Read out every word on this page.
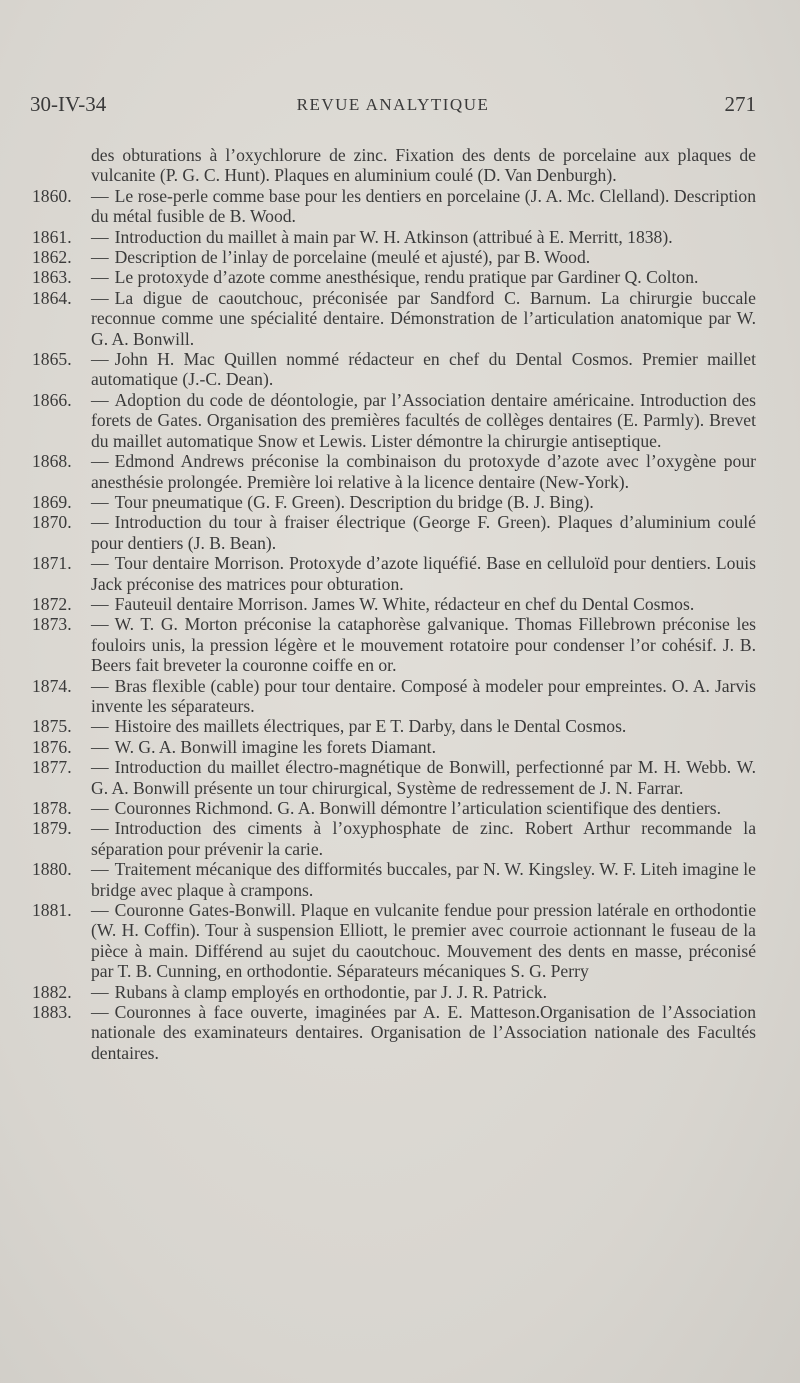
30-IV-34	REVUE ANALYTIQUE	271
des obturations à l’oxychlorure de zinc. Fixation des dents de porcelaine aux plaques de vulcanite (P. G. C. Hunt). Plaques en aluminium coulé (D. Van Denburgh).
1860.	— Le rose-perle comme base pour les dentiers en porcelaine (J. A. Mc. Clelland). Description du métal fusible de B. Wood.
1861.	— Introduction du maillet à main par W. H. Atkinson (attribué à E. Merritt, 1838).
1862.	— Description de l’inlay de porcelaine (meulé et ajusté), par B. Wood.
1863.	— Le protoxyde d’azote comme anesthésique, rendu pratique par Gardiner Q. Colton.
1864.	— La digue de caoutchouc, préconisée par Sandford C. Barnum. La chirurgie buccale reconnue comme une spécialité dentaire. Démonstration de l’articulation anatomique par W. G. A. Bonwill.
1865.	— John H. Mac Quillen nommé rédacteur en chef du Dental Cosmos. Premier maillet automatique (J.-C. Dean).
1866.	— Adoption du code de déontologie, par l’Association dentaire américaine. Introduction des forets de Gates. Organisation des premières facultés de collèges dentaires (E. Parmly). Brevet du maillet automatique Snow et Lewis. Lister démontre la chirurgie antiseptique.
1868.	— Edmond Andrews préconise la combinaison du protoxyde d’azote avec l’oxygène pour anesthésie prolongée. Première loi relative à la licence dentaire (New-York).
1869.	— Tour pneumatique (G. F. Green). Description du bridge (B. J. Bing).
1870.	— Introduction du tour à fraiser électrique (George F. Green). Plaques d’aluminium coulé pour dentiers (J. B. Bean).
1871.	— Tour dentaire Morrison. Protoxyde d’azote liquéfié. Base en celluloïd pour dentiers. Louis Jack préconise des matrices pour obturation.
1872.	— Fauteuil dentaire Morrison. James W. White, rédacteur en chef du Dental Cosmos.
1873.	— W. T. G. Morton préconise la cataphorèse galvanique. Thomas Fillebrown préconise les fouloirs unis, la pression légère et le mouvement rotatoire pour condenser l’or cohésif. J. B. Beers fait breveter la couronne coiffe en or.
1874.	— Bras flexible (cable) pour tour dentaire. Composé à modeler pour empreintes. O. A. Jarvis invente les séparateurs.
1875.	— Histoire des maillets électriques, par E T. Darby, dans le Dental Cosmos.
1876.	— W. G. A. Bonwill imagine les forets Diamant.
1877.	— Introduction du maillet électro-magnétique de Bonwill, perfectionné par M. H. Webb. W. G. A. Bonwill présente un tour chirurgical, Système de redressement de J. N. Farrar.
1878.	— Couronnes Richmond. G. A. Bonwill démontre l’articulation scientifique des dentiers.
1879.	— Introduction des ciments à l’oxyphosphate de zinc. Robert Arthur recommande la séparation pour prévenir la carie.
1880.	— Traitement mécanique des difformités buccales, par N. W. Kingsley. W. F. Liteh imagine le bridge avec plaque à crampons.
1881.	— Couronne Gates-Bonwill. Plaque en vulcanite fendue pour pression latérale en orthodontie (W. H. Coffin). Tour à suspension Elliott, le premier avec courroie actionnant le fuseau de la pièce à main. Différend au sujet du caoutchouc. Mouvement des dents en masse, préconisé par T. B. Cunning, en orthodontie. Séparateurs mécaniques S. G. Perry
1882.	— Rubans à clamp employés en orthodontie, par J. J. R. Patrick.
1883.	— Couronnes à face ouverte, imaginées par A. E. Matteson.Organisation de l’Association nationale des examinateurs dentaires. Organisation de l’Association nationale des Facultés dentaires.
